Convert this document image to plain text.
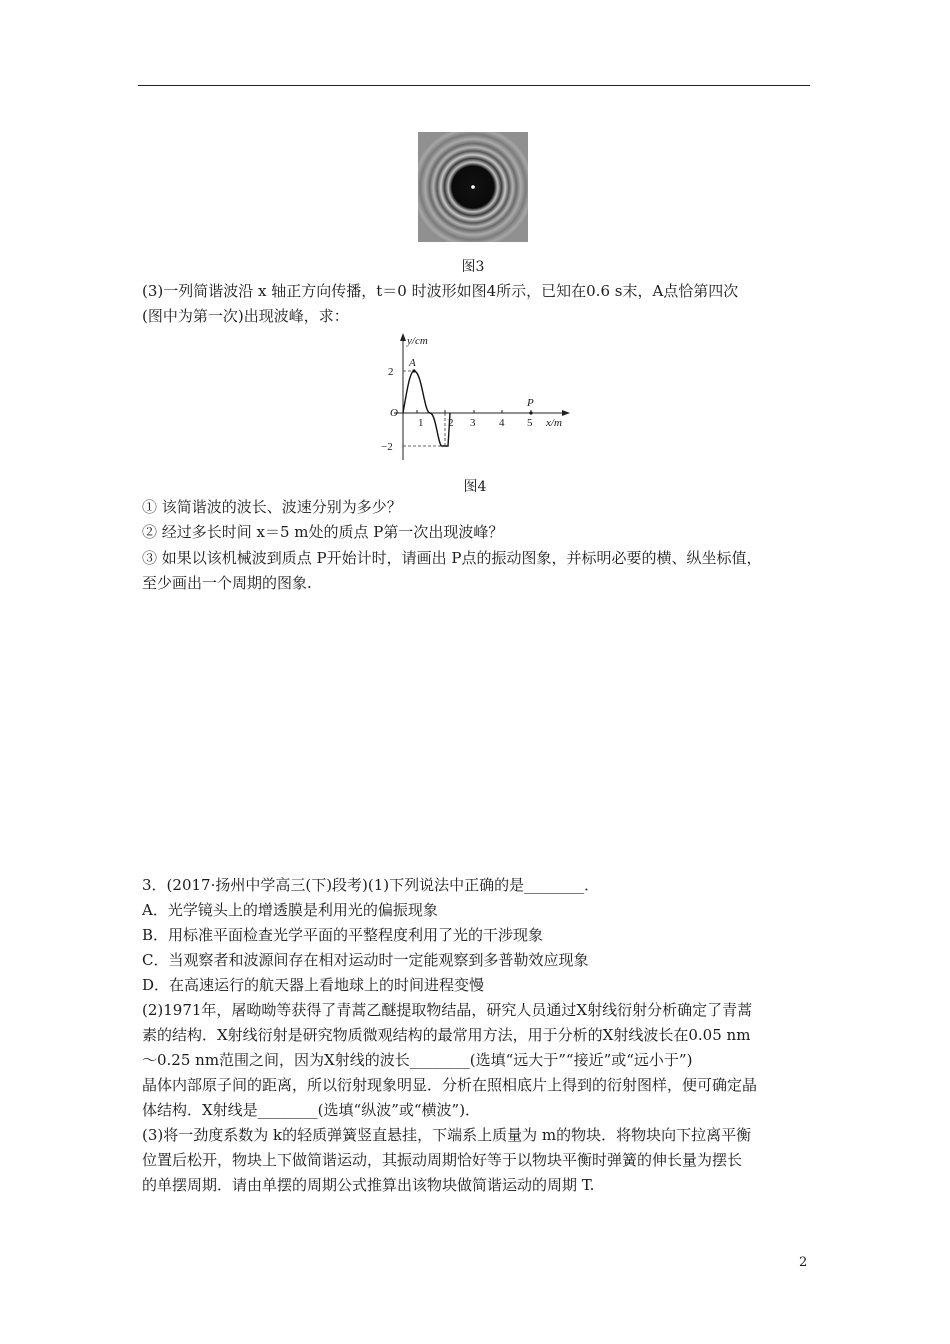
图3
(3)一列简谐波沿 x 轴正方向传播，t＝0 时波形如图4所示，已知在0.6 s末，A点恰第四次
(图中为第一次)出现波峰，求：
y/cm
x/m
O
2
−2
A
P
1 2 3 4 5
图4
① 该简谐波的波长、波速分别为多少？
② 经过多长时间 x＝5 m处的质点 P第一次出现波峰？
③ 如果以该机械波到质点 P开始计时，请画出 P点的振动图象，并标明必要的横、纵坐标值，
至少画出一个周期的图象.
3．(2017·扬州中学高三(下)段考)(1)下列说法中正确的是________．
A．光学镜头上的增透膜是利用光的偏振现象
B．用标准平面检查光学平面的平整程度利用了光的干涉现象
C．当观察者和波源间存在相对运动时一定能观察到多普勒效应现象
D．在高速运行的航天器上看地球上的时间进程变慢
(2)1971年，屠呦呦等获得了青蒿乙醚提取物结晶，研究人员通过X射线衍射分析确定了青蒿
素的结构．X射线衍射是研究物质微观结构的最常用方法，用于分析的X射线波长在0.05 nm
～0.25 nm范围之间，因为X射线的波长________(选填“远大于”“接近”或“远小于”)
晶体内部原子间的距离，所以衍射现象明显．分析在照相底片上得到的衍射图样，便可确定晶
体结构．X射线是________(选填“纵波”或“横波”)．
(3)将一劲度系数为 k的轻质弹簧竖直悬挂，下端系上质量为 m的物块．将物块向下拉离平衡
位置后松开，物块上下做简谐运动，其振动周期恰好等于以物块平衡时弹簧的伸长量为摆长
的单摆周期．请由单摆的周期公式推算出该物块做简谐运动的周期 T.
2
